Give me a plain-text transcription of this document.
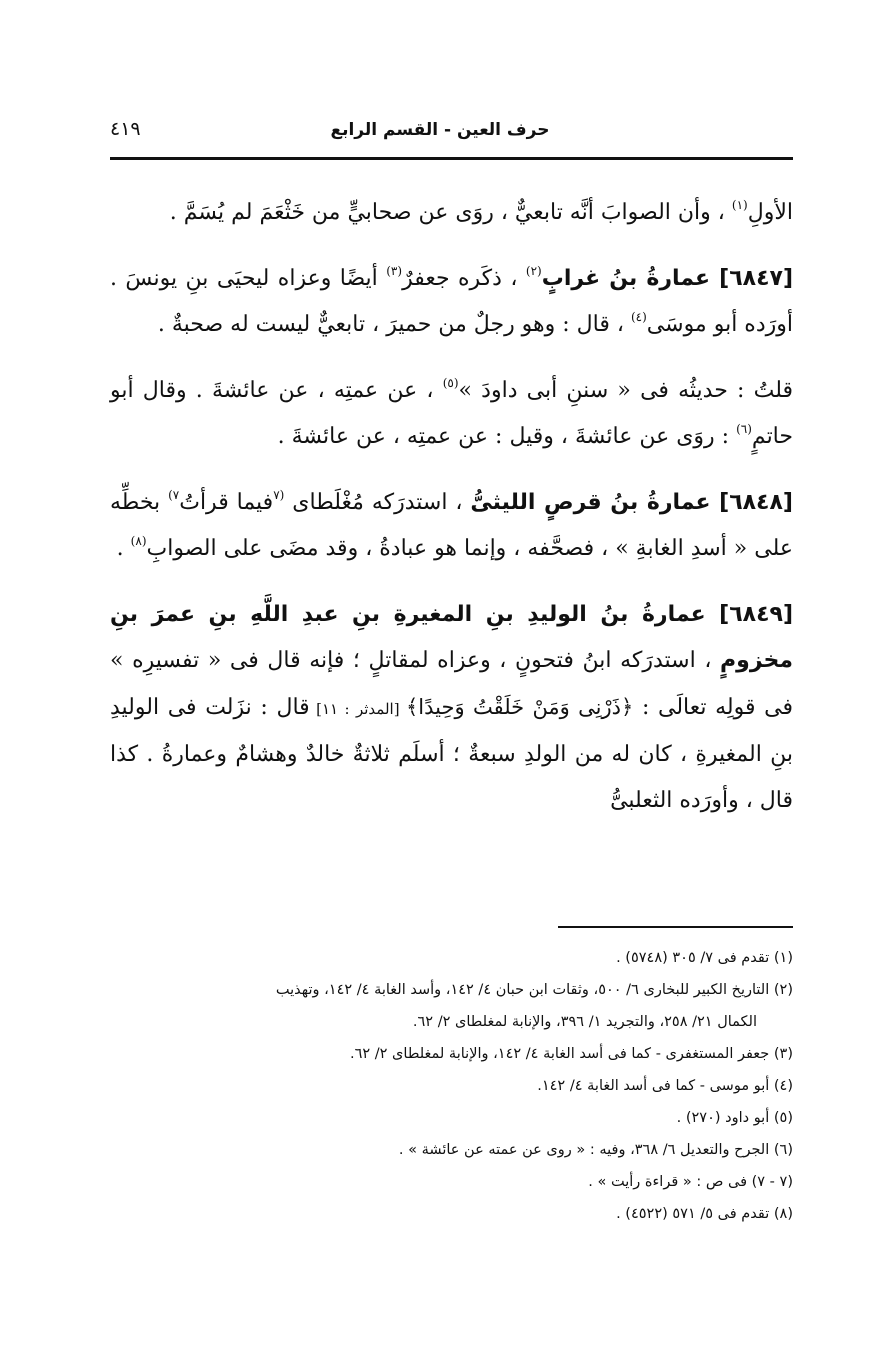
حرف العين - القسم الرابع
٤١٩

الأولِ$^{(١)}$ ، وأن الصوابَ أنَّه تابعيٌّ ، روَى عن صحابيٍّ من خَثْعَمَ لم يُسَمَّ .

[٦٨٤٧] عمارةُ بنُ غرابٍ$^{(٢)}$ ، ذكَره جعفرٌ$^{(٣)}$ أيضًا وعزاه ليحيَى بنِ يونسَ . أورَده أبو موسَى$^{(٤)}$ ، قال : وهو رجلٌ من حميرَ ، تابعيٌّ ليست له صحبةٌ .

قلتُ : حديثُه فى « سننِ أبى داودَ »$^{(٥)}$ ، عن عمتِه ، عن عائشةَ . وقال أبو حاتمٍ$^{(٦)}$ : روَى عن عائشةَ ، وقيل : عن عمتِه ، عن عائشةَ .

[٦٨٤٨] عمارةُ بنُ قرصٍ الليثىُّ ، استدرَكه مُغْلَطاى $^{(٧}$فيما قرأتُ$^{٧)}$ بخطِّه على « أسدِ الغابةِ » ، فصحَّفه ، وإنما هو عبادةُ ، وقد مضَى على الصوابِ$^{(٨)}$ .

[٦٨٤٩] عمارةُ بنُ الوليدِ بنِ المغيرةِ بنِ عبدِ اللَّهِ بنِ عمرَ بنِ مخزومٍ ، استدرَكه ابنُ فتحونٍ ، وعزاه لمقاتلٍ ؛ فإنه قال فى « تفسيرِه » فى قولِه تعالَى : ﴿ذَرْنِى وَمَنْ خَلَقْتُ وَحِيدًا﴾ [المدثر : ١١] قال : نزَلت فى الوليدِ بنِ المغيرةِ ، كان له من الولدِ سبعةٌ ؛ أسلَم ثلاثةٌ خالدٌ وهشامٌ وعمارةُ . كذا قال ، وأورَده الثعلبىُّ

(١) تقدم فى ٧/ ٣٠٥ (٥٧٤٨) .

(٢) التاريخ الكبير للبخارى ٦/ ٥٠٠، وثقات ابن حبان ٤/ ١٤٢، وأسد الغابة ٤/ ١٤٢، وتهذيب

الكمال ٢١/ ٢٥٨، والتجريد ١/ ٣٩٦، والإنابة لمغلطاى ٢/ ٦٢.

(٣) جعفر المستغفرى - كما فى أسد الغابة ٤/ ١٤٢، والإنابة لمغلطاى ٢/ ٦٢.

(٤) أبو موسى - كما فى أسد الغابة ٤/ ١٤٢.

(٥) أبو داود (٢٧٠) .

(٦) الجرح والتعديل ٦/ ٣٦٨، وفيه : « روى عن عمته عن عائشة » .

(٧ - ٧) فى ص : « قراءة رأيت » .

(٨) تقدم فى ٥/ ٥٧١ (٤٥٢٢) .
